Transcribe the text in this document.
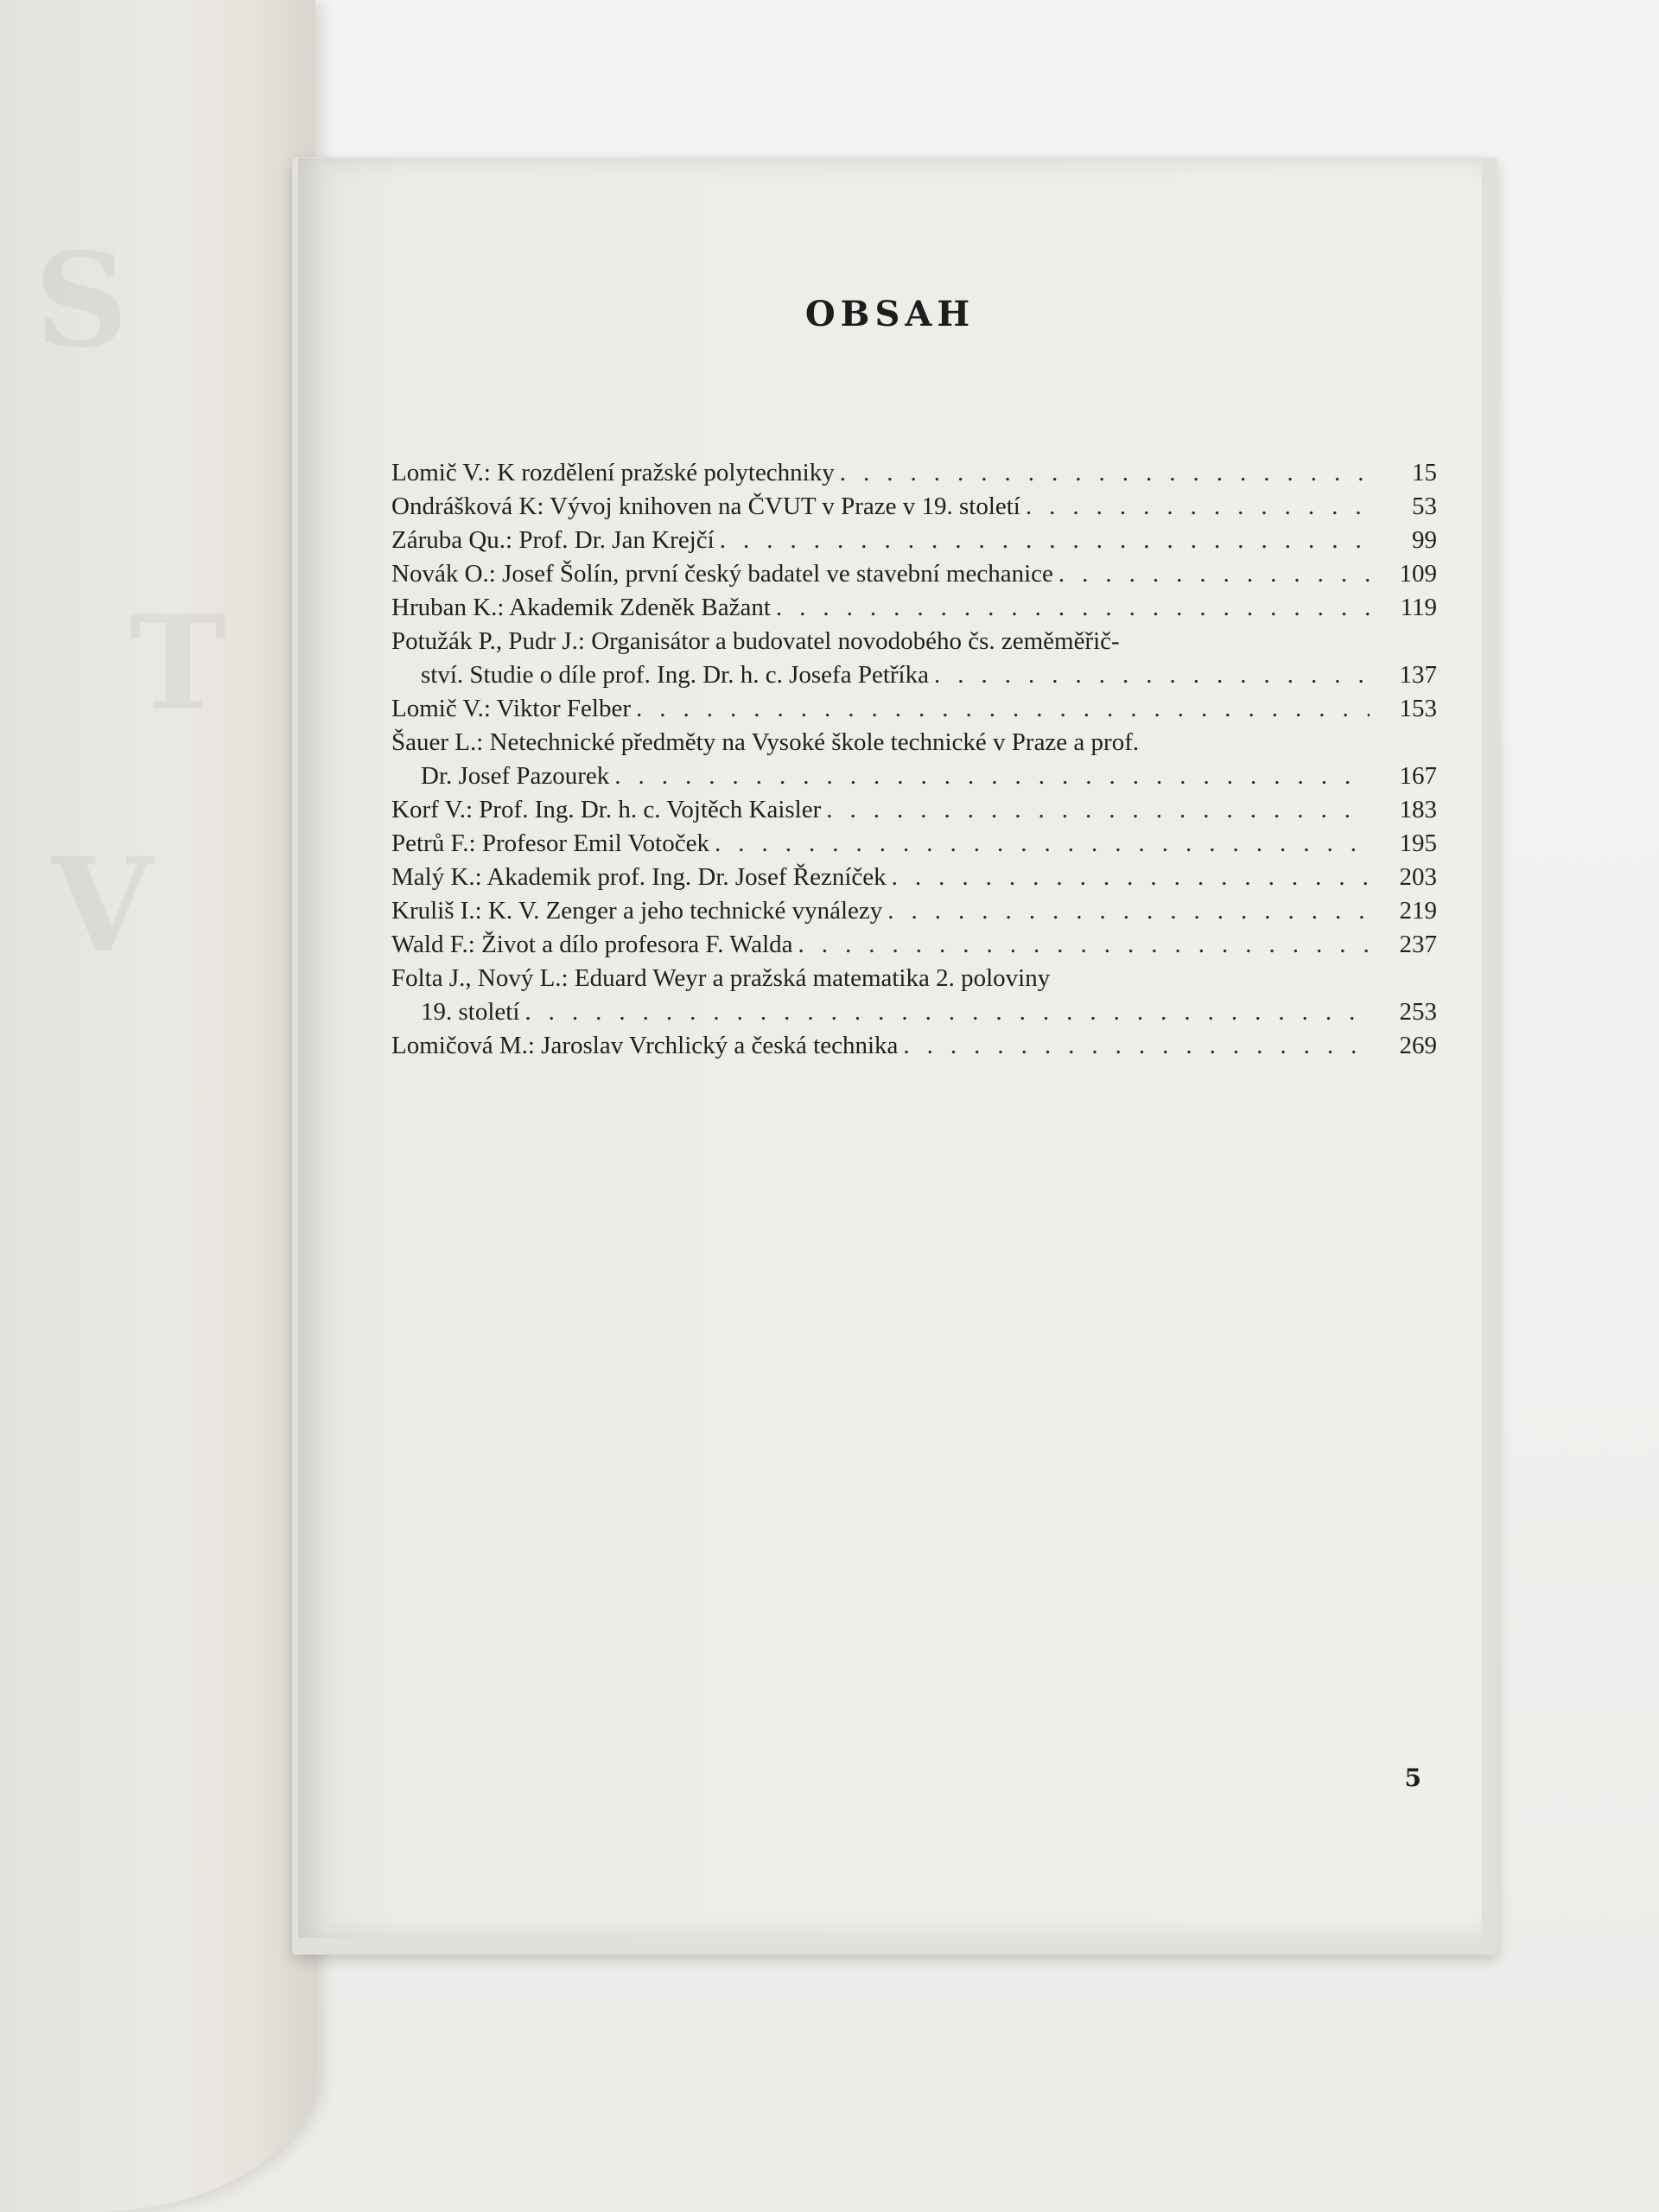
S
T
V
OBSAH
Lomič V.: K rozdělení pražské polytechniky .....	15
Ondrášková K: Vývoj knihoven na ČVUT v Praze v 19. století .....	53
Záruba Qu.: Prof. Dr. Jan Krejčí .....	99
Novák O.: Josef Šolín, první český badatel ve stavební mechanice .....	109
Hruban K.: Akademik Zdeněk Bažant .....	119
Potužák P., Pudr J.: Organisátor a budovatel novodobého čs. zeměměřič-
ství. Studie o díle prof. Ing. Dr. h. c. Josefa Petříka .....	137
Lomič V.: Viktor Felber .....	153
Šauer L.: Netechnické předměty na Vysoké škole technické v Praze a prof.
Dr. Josef Pazourek .....	167
Korf V.: Prof. Ing. Dr. h. c. Vojtěch Kaisler .....	183
Petrů F.: Profesor Emil Votoček .....	195
Malý K.: Akademik prof. Ing. Dr. Josef Řezníček .....	203
Kruliš I.: K. V. Zenger a jeho technické vynálezy .....	219
Wald F.: Život a dílo profesora F. Walda .....	237
Folta J., Nový L.: Eduard Weyr a pražská matematika 2. poloviny
19. století .....	253
Lomičová M.: Jaroslav Vrchlický a česká technika .....	269
5
